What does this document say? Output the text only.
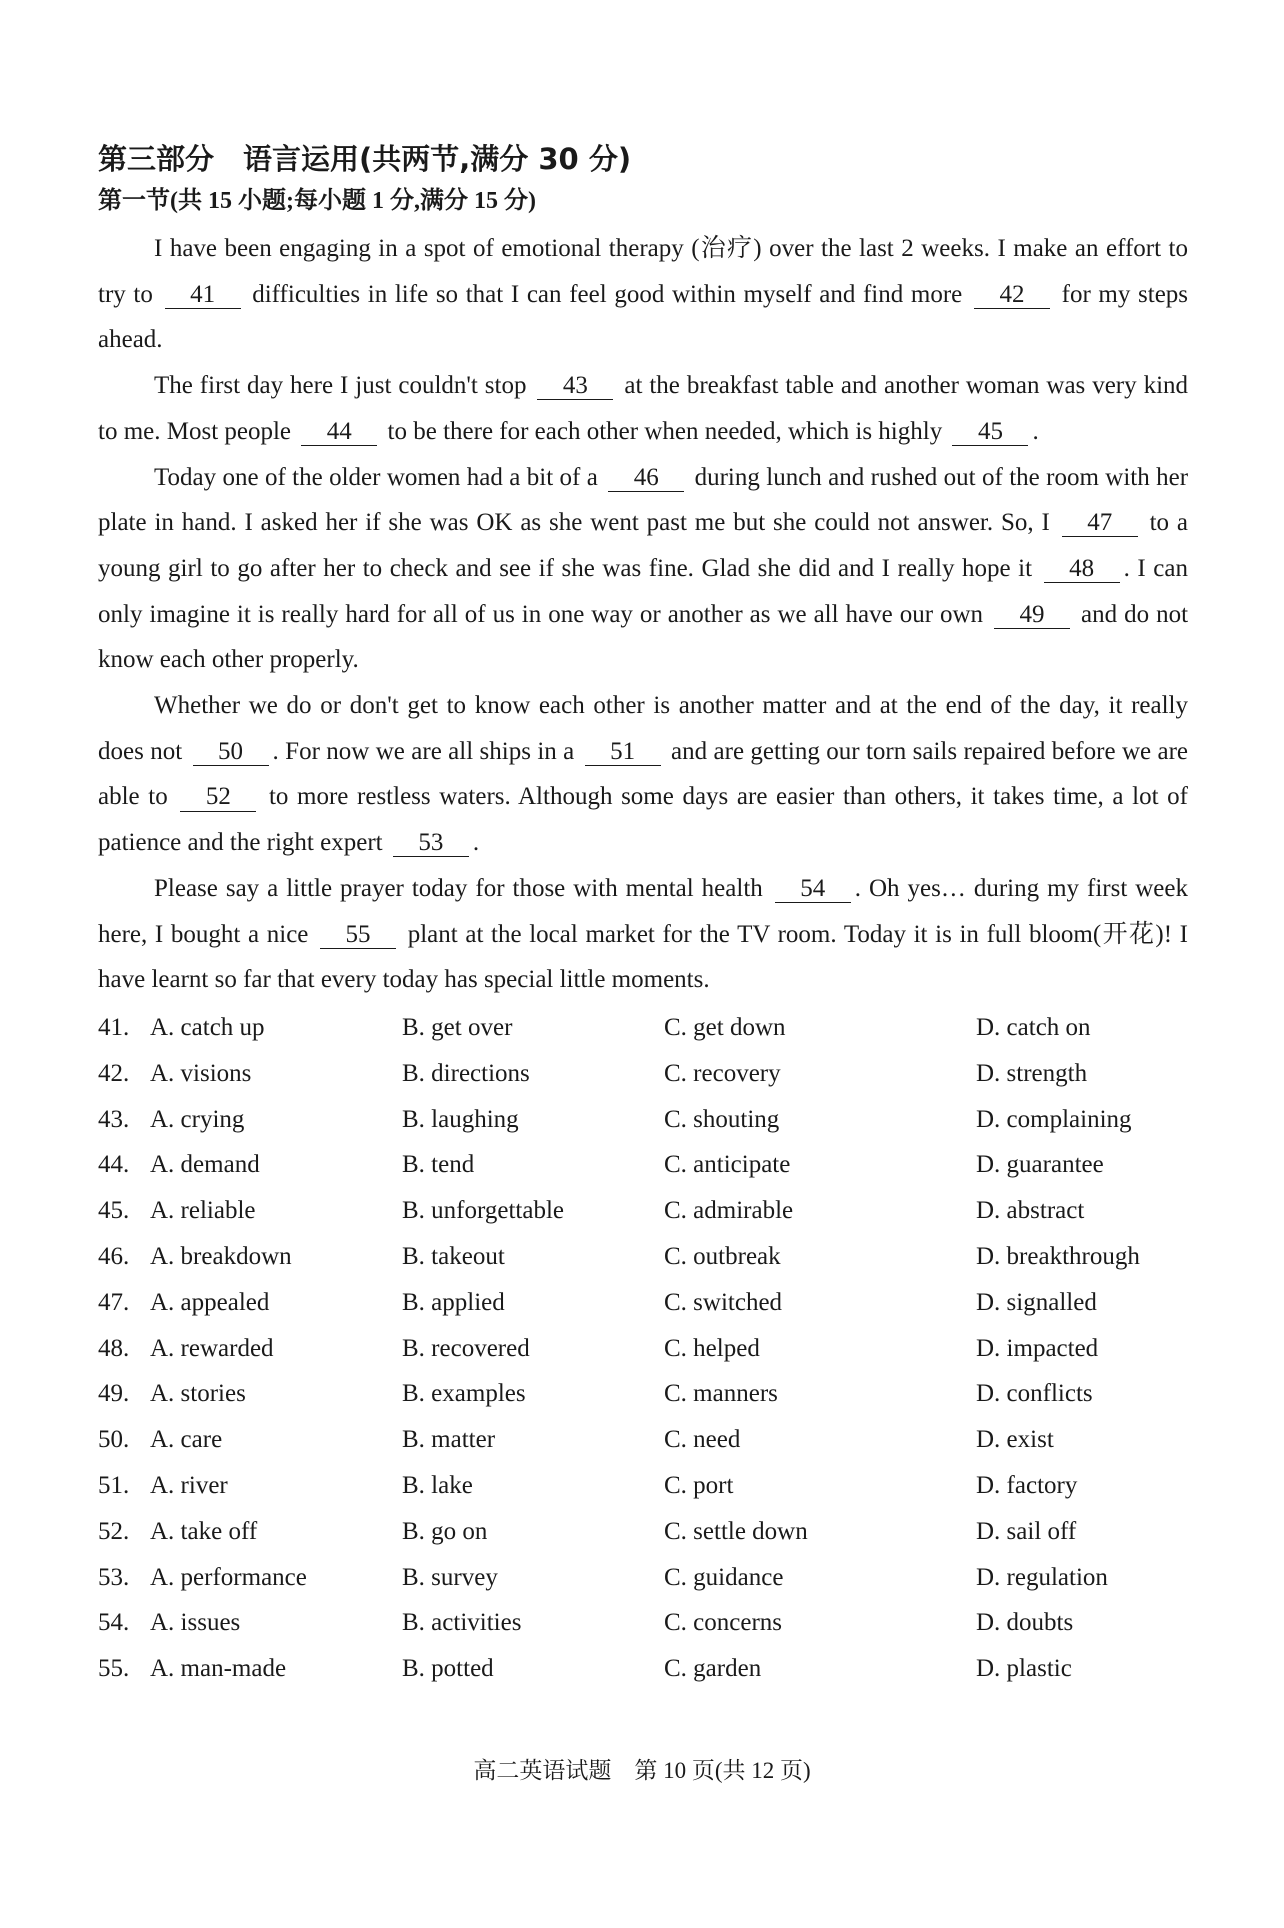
第三部分　语言运用(共两节,满分 30 分)
第一节(共 15 小题;每小题 1 分,满分 15 分)

I have been engaging in a spot of emotional therapy (治疗) over the last 2 weeks. I make an effort to try to 41 difficulties in life so that I can feel good within myself and find more 42 for my steps ahead.

The first day here I just couldn't stop 43 at the breakfast table and another woman was very kind to me. Most people 44 to be there for each other when needed, which is highly 45 .

Today one of the older women had a bit of a 46 during lunch and rushed out of the room with her plate in hand. I asked her if she was OK as she went past me but she could not answer. So, I 47 to a young girl to go after her to check and see if she was fine. Glad she did and I really hope it 48 . I can only imagine it is really hard for all of us in one way or another as we all have our own 49 and do not know each other properly.

Whether we do or don't get to know each other is another matter and at the end of the day, it really does not 50 . For now we are all ships in a 51 and are getting our torn sails repaired before we are able to 52 to more restless waters. Although some days are easier than others, it takes time, a lot of patience and the right expert 53 .

Please say a little prayer today for those with mental health 54 . Oh yes… during my first week here, I bought a nice 55 plant at the local market for the TV room. Today it is in full bloom(开花)! I have learnt so far that every today has special little moments.

41. A. catch up	B. get over	C. get down	D. catch on
42. A. visions	B. directions	C. recovery	D. strength
43. A. crying	B. laughing	C. shouting	D. complaining
44. A. demand	B. tend	C. anticipate	D. guarantee
45. A. reliable	B. unforgettable	C. admirable	D. abstract
46. A. breakdown	B. takeout	C. outbreak	D. breakthrough
47. A. appealed	B. applied	C. switched	D. signalled
48. A. rewarded	B. recovered	C. helped	D. impacted
49. A. stories	B. examples	C. manners	D. conflicts
50. A. care	B. matter	C. need	D. exist
51. A. river	B. lake	C. port	D. factory
52. A. take off	B. go on	C. settle down	D. sail off
53. A. performance	B. survey	C. guidance	D. regulation
54. A. issues	B. activities	C. concerns	D. doubts
55. A. man-made	B. potted	C. garden	D. plastic
高二英语试题　第 10 页(共 12 页)
